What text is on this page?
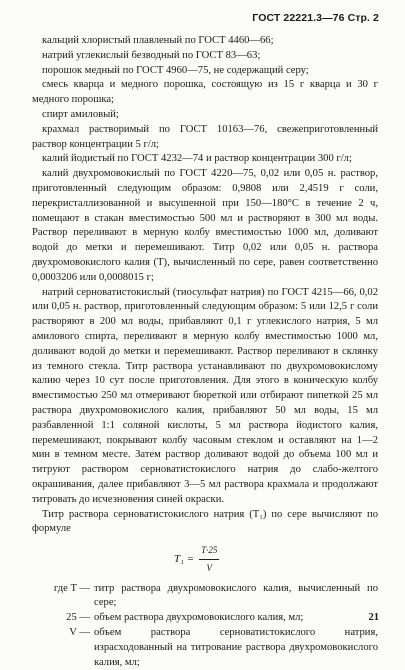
ГОСТ 22221.3—76 Стр. 2

кальций хлористый плавленый по ГОСТ 4460—66;

натрий углекислый безводный по ГОСТ 83—63;

порошок медный по ГОСТ 4960—75, не содержащий серу;

смесь кварца и медного порошка, состоящую из 15 г кварца и 30 г медного порошка;

спирт амиловый;

крахмал растворимый по ГОСТ 10163—76, свежеприготовленный раствор концентрации 5 г/л;

калий йодистый по ГОСТ 4232—74 и раствор концентрации 300 г/л;

калий двухромовокислый по ГОСТ 4220—75, 0,02 или 0,05 н. раствор, приготовленный следующим образом: 0,9808 или 2,4519 г соли, перекристаллизованной и высушенной при 150—180°С в течение 2 ч, помещают в стакан вместимостью 500 мл и растворяют в 300 мл воды. Раствор переливают в мерную колбу вместимостью 1000 мл, доливают водой до метки и перемешивают. Титр 0,02 или 0,05 н. раствора двухромовокислого калия (Т), вычисленный по сере, равен соответственно 0,0003206 или 0,0008015 г;

натрий серноватистокислый (тиосульфат натрия) по ГОСТ 4215—66, 0,02 или 0,05 н. раствор, приготовленный следующим образом: 5 или 12,5 г соли растворяют в 200 мл воды, прибавляют 0,1 г углекислого натрия, 5 мл амилового спирта, переливают в мерную колбу вместимостью 1000 мл, доливают водой до метки и перемешивают. Раствор переливают в склянку из темного стекла. Титр раствора устанавливают по двухромовокислому калию через 10 сут после приготовления. Для этого в коническую колбу вместимостью 250 мл отмеривают бюреткой или отбирают пипеткой 25 мл раствора двухромовокислого калия, прибавляют 50 мл воды, 15 мл разбавленной 1:1 соляной кислоты, 5 мл раствора йодистого калия, перемешивают, покрывают колбу часовым стеклом и оставляют на 1—2 мин в темном месте. Затем раствор доливают водой до объема 100 мл и титруют раствором серноватистокислого натрия до слабо-желтого окрашивания, далее прибавляют 3—5 мл раствора крахмала и продолжают титровать до исчезновения синей окраски.

Титр раствора серноватистокислого натрия (T₁) по сере вычисляют по формуле

$T_1 = \frac{T\cdot 25}{V}$
где T — титр раствора двухромовокислого калия, вычисленный по сере;
25 — объем раствора двухромовокислого калия, мл;
V — объем раствора серноватистокислого натрия, израсходованный на титрование раствора двухромовокислого калия, мл;
21
